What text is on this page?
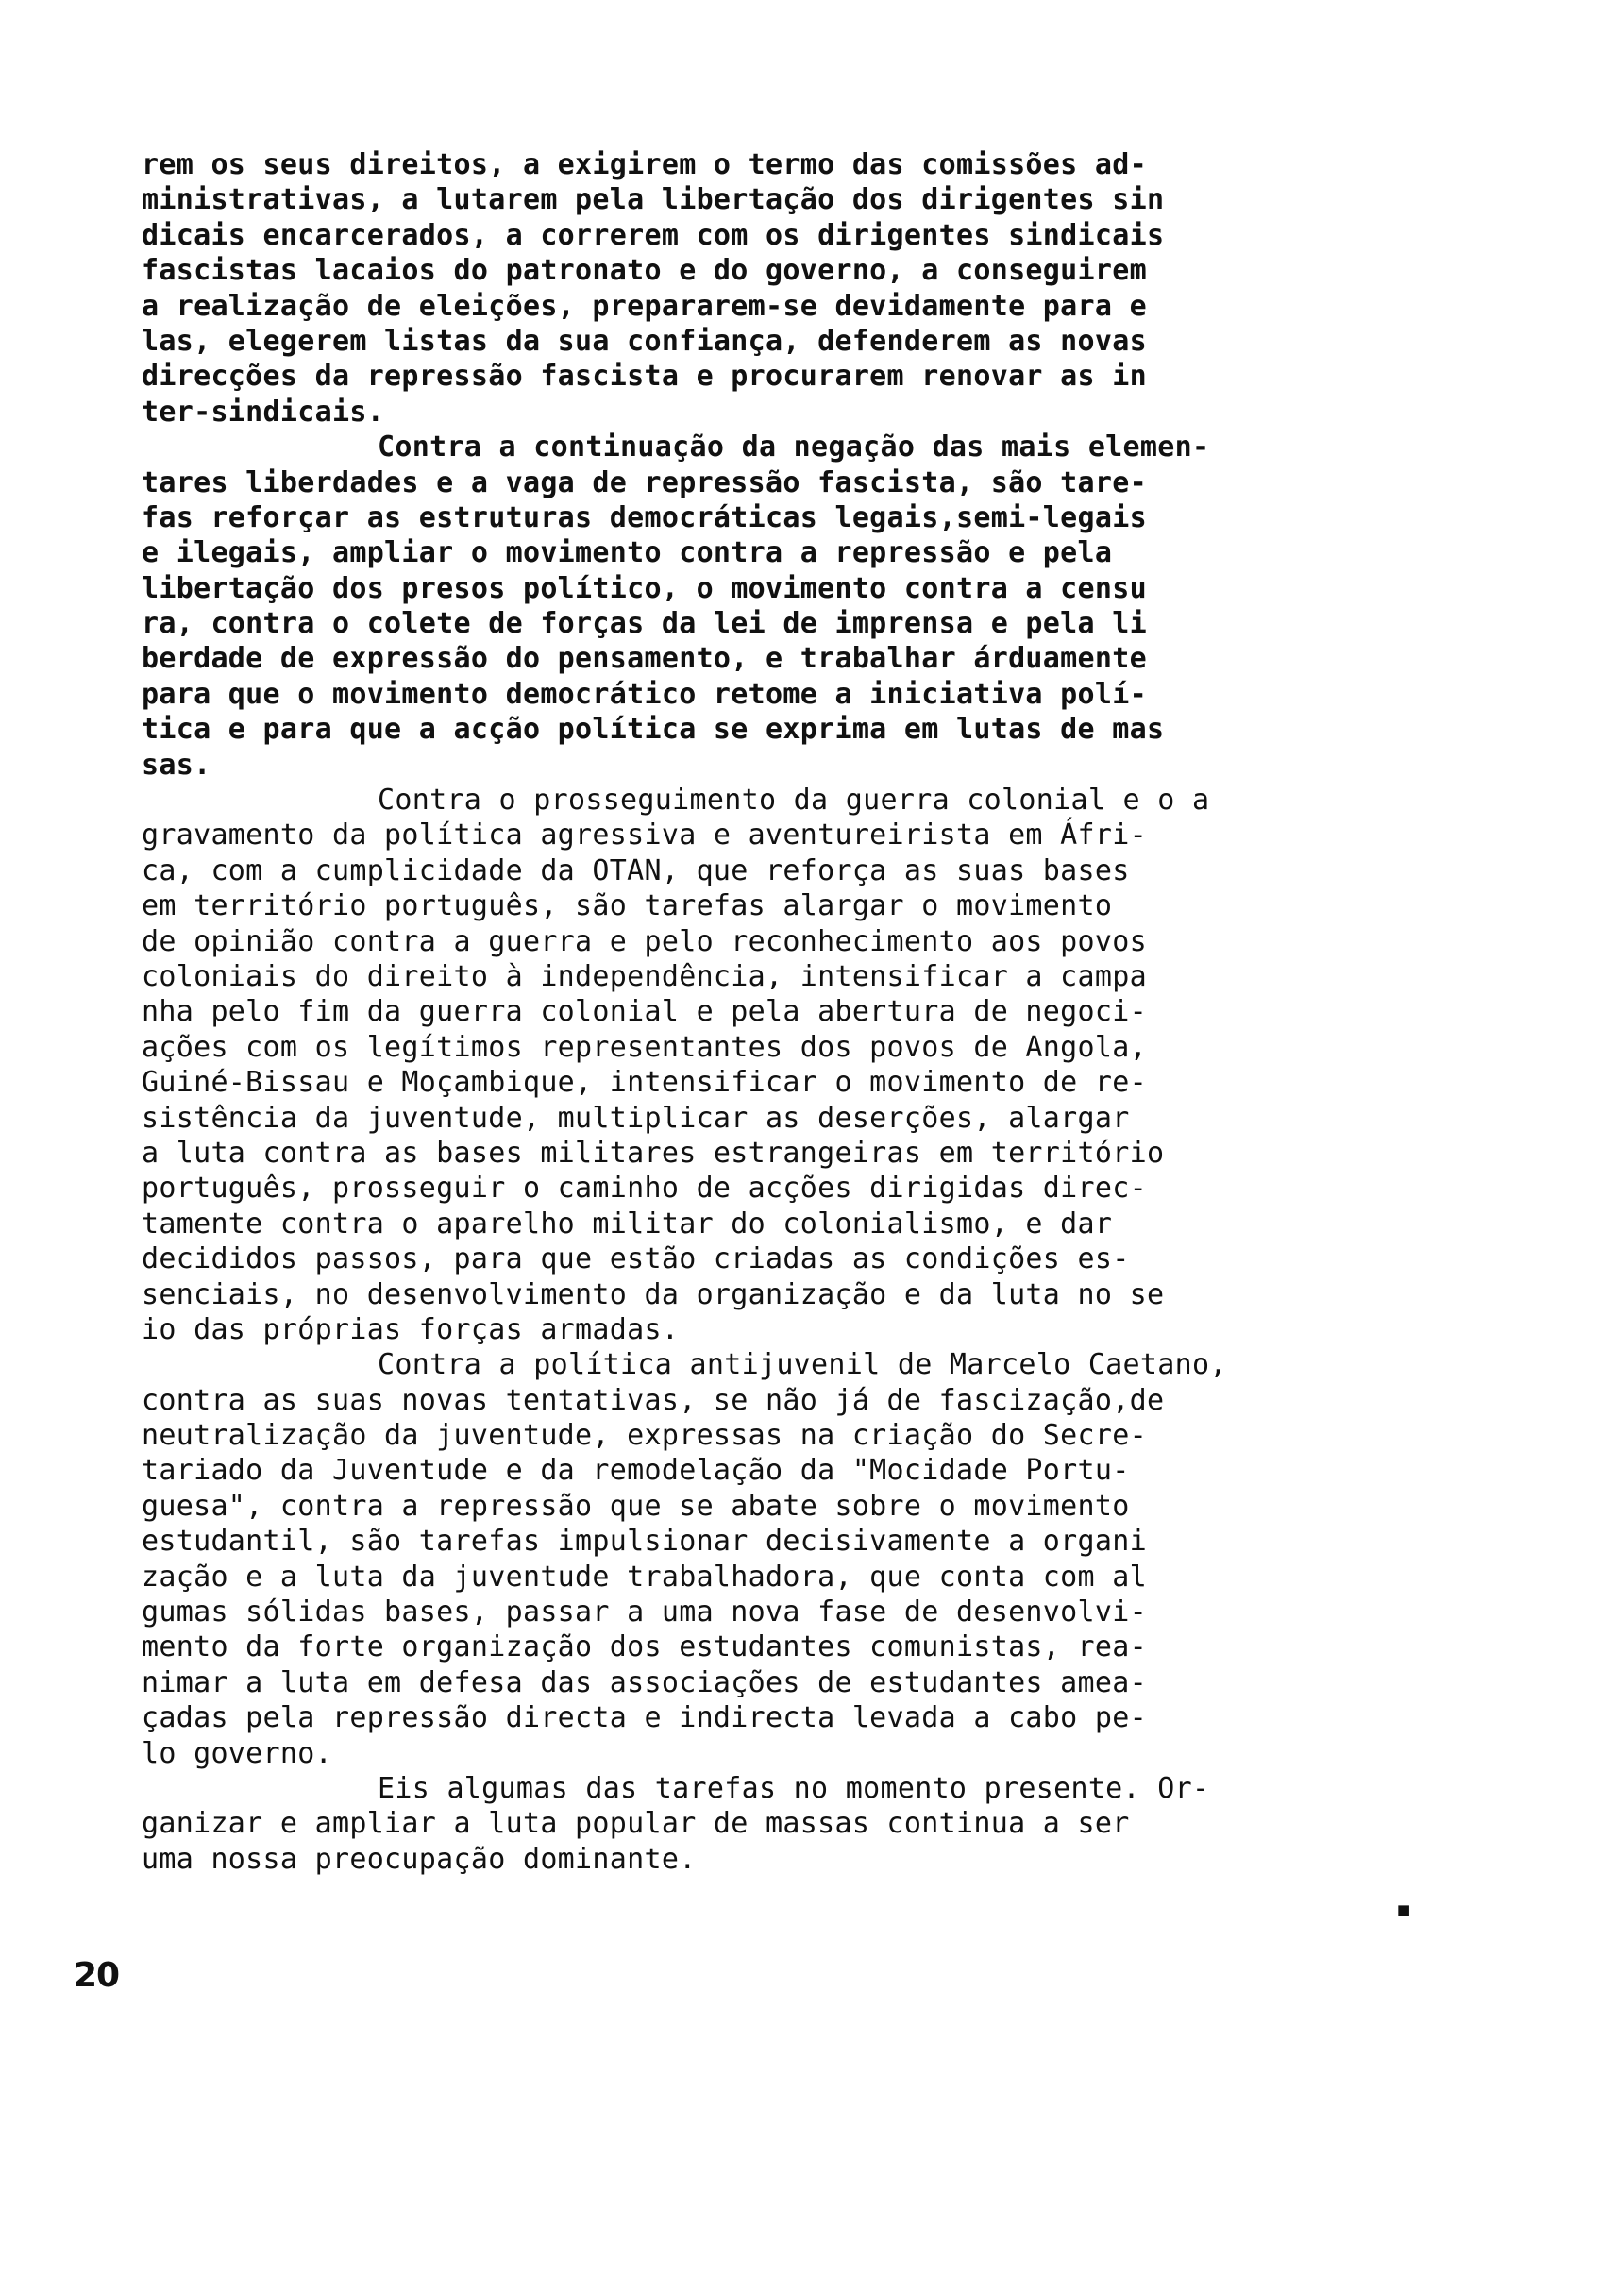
rem os seus direitos, a exigirem o termo das comissões ad-
ministrativas, a lutarem pela libertação dos dirigentes sin
dicais encarcerados, a correrem com os dirigentes sindicais
fascistas lacaios do patronato e do governo, a conseguirem
a realização de eleições, prepararem-se devidamente para e
las, elegerem listas da sua confiança, defenderem as novas
direcções da repressão fascista e procurarem renovar as in
ter-sindicais.
Contra a continuação da negação das mais elemen-
tares liberdades e a vaga de repressão fascista, são tare-
fas reforçar as estruturas democráticas legais,semi-legais
e ilegais, ampliar o movimento contra a repressão e pela
libertação dos presos político, o movimento contra a censu
ra, contra o colete de forças da lei de imprensa e pela li
berdade de expressão do pensamento, e trabalhar árduamente
para que o movimento democrático retome a iniciativa polí-
tica e para que a acção política se exprima em lutas de mas
sas.
Contra o prosseguimento da guerra colonial e o a
gravamento da política agressiva e aventureirista em Áfri-
ca, com a cumplicidade da OTAN, que reforça as suas bases
em território português, são tarefas alargar o movimento
de opinião contra a guerra e pelo reconhecimento aos povos
coloniais do direito à independência, intensificar a campa
nha pelo fim da guerra colonial e pela abertura de negoci-
ações com os legítimos representantes dos povos de Angola,
Guiné-Bissau e Moçambique, intensificar o movimento de re-
sistência da juventude, multiplicar as deserções, alargar
a luta contra as bases militares estrangeiras em território
português, prosseguir o caminho de acções dirigidas direc-
tamente contra o aparelho militar do colonialismo, e dar
decididos passos, para que estão criadas as condições es-
senciais, no desenvolvimento da organização e da luta no se
io das próprias forças armadas.
Contra a política antijuvenil de Marcelo Caetano,
contra as suas novas tentativas, se não já de fascização,de
neutralização da juventude, expressas na criação do Secre-
tariado da Juventude e da remodelação da "Mocidade Portu-
guesa", contra a repressão que se abate sobre o movimento
estudantil, são tarefas impulsionar decisivamente a organi
zação e a luta da juventude trabalhadora, que conta com al
gumas sólidas bases, passar a uma nova fase de desenvolvi-
mento da forte organização dos estudantes comunistas, rea-
nimar a luta em defesa das associações de estudantes amea-
çadas pela repressão directa e indirecta levada a cabo pe-
lo governo.
Eis algumas das tarefas no momento presente. Or-
ganizar e ampliar a luta popular de massas continua a ser
uma nossa preocupação dominante.
▪
20
